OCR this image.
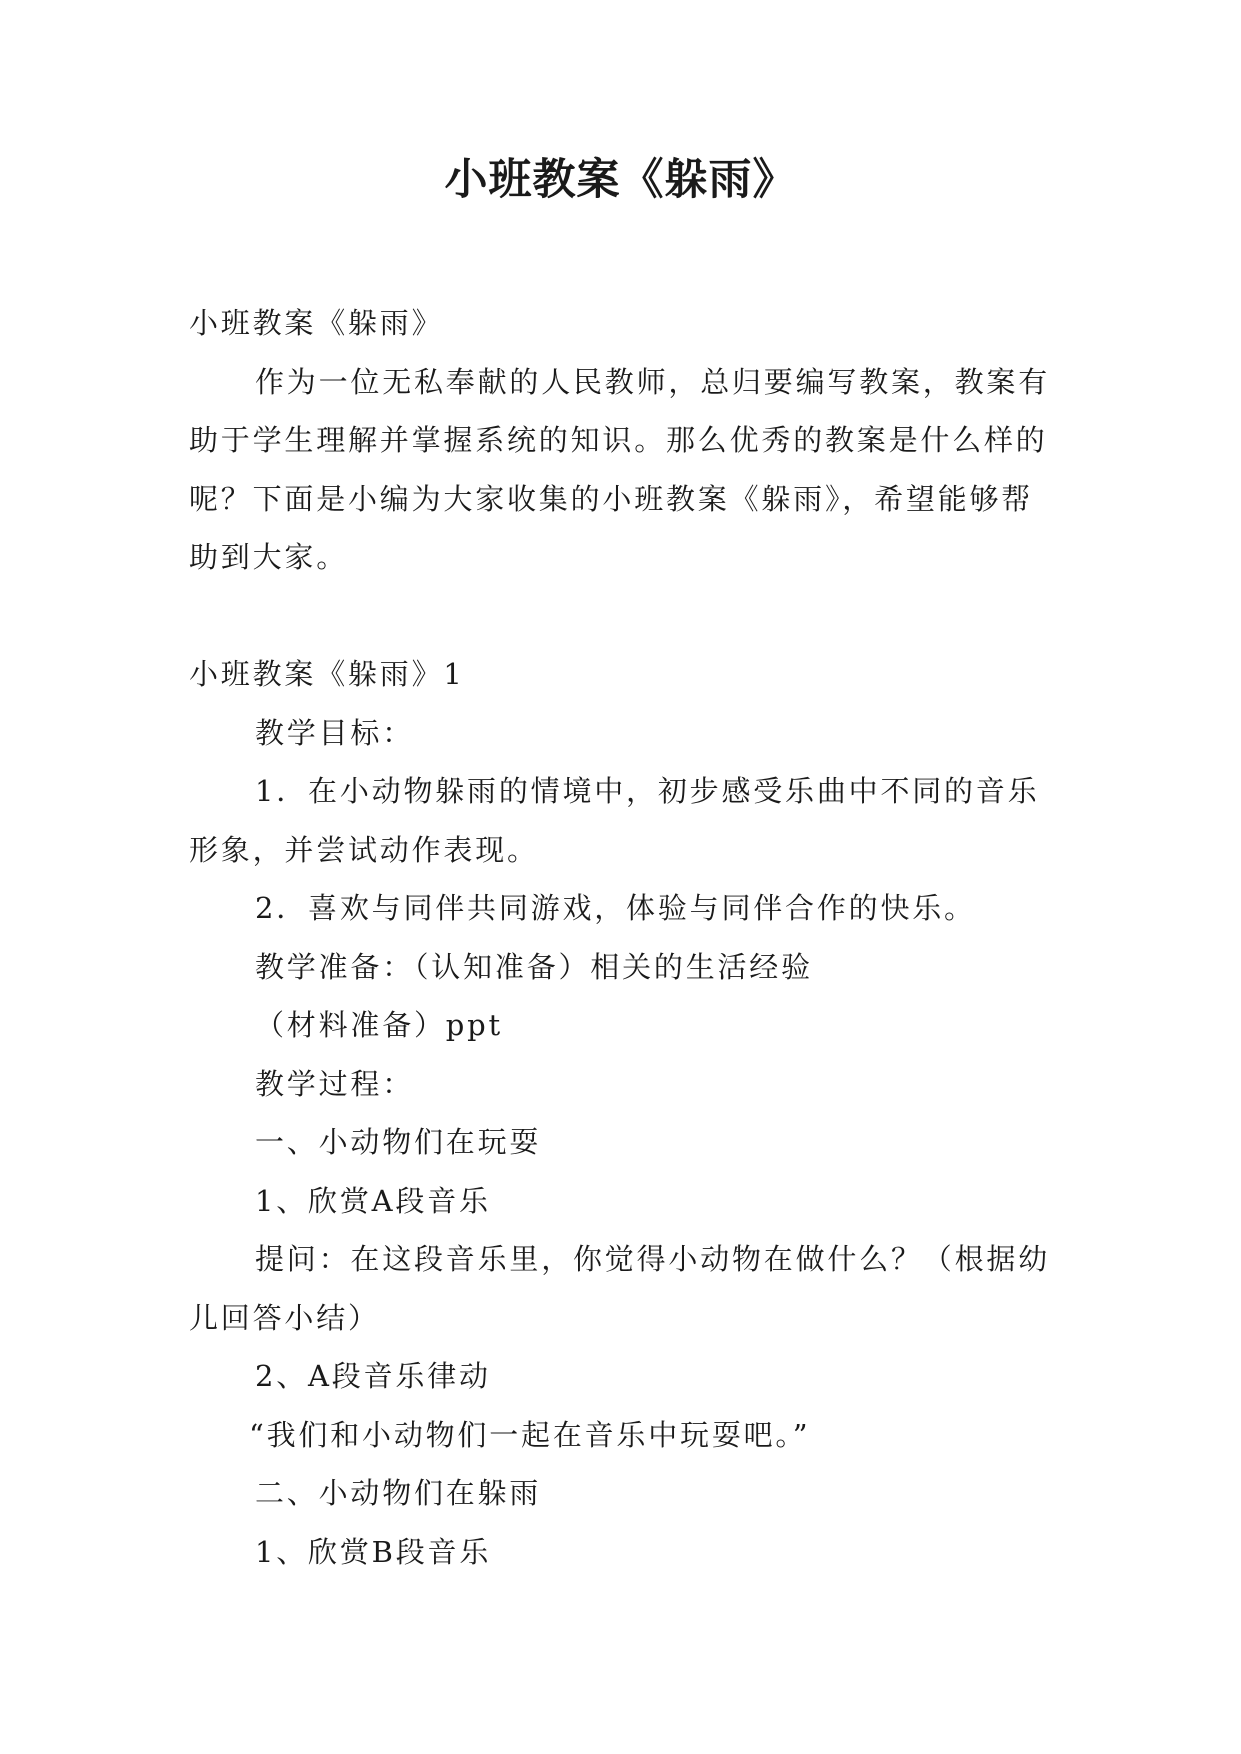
小班教案《躲雨》

小班教案《躲雨》

作为一位无私奉献的人民教师，总归要编写教案，教案有助于学生理解并掌握系统的知识。那么优秀的教案是什么样的呢？下面是小编为大家收集的小班教案《躲雨》，希望能够帮助到大家。

小班教案《躲雨》1

教学目标：

1．在小动物躲雨的情境中，初步感受乐曲中不同的音乐形象，并尝试动作表现。

2．喜欢与同伴共同游戏，体验与同伴合作的快乐。

教学准备：（认知准备）相关的生活经验

（材料准备）ppt

教学过程：

一、小动物们在玩耍

1、欣赏A段音乐

提问：在这段音乐里，你觉得小动物在做什么？（根据幼儿回答小结）

2、A段音乐律动

“我们和小动物们一起在音乐中玩耍吧。”

二、小动物们在躲雨

1、欣赏B段音乐
